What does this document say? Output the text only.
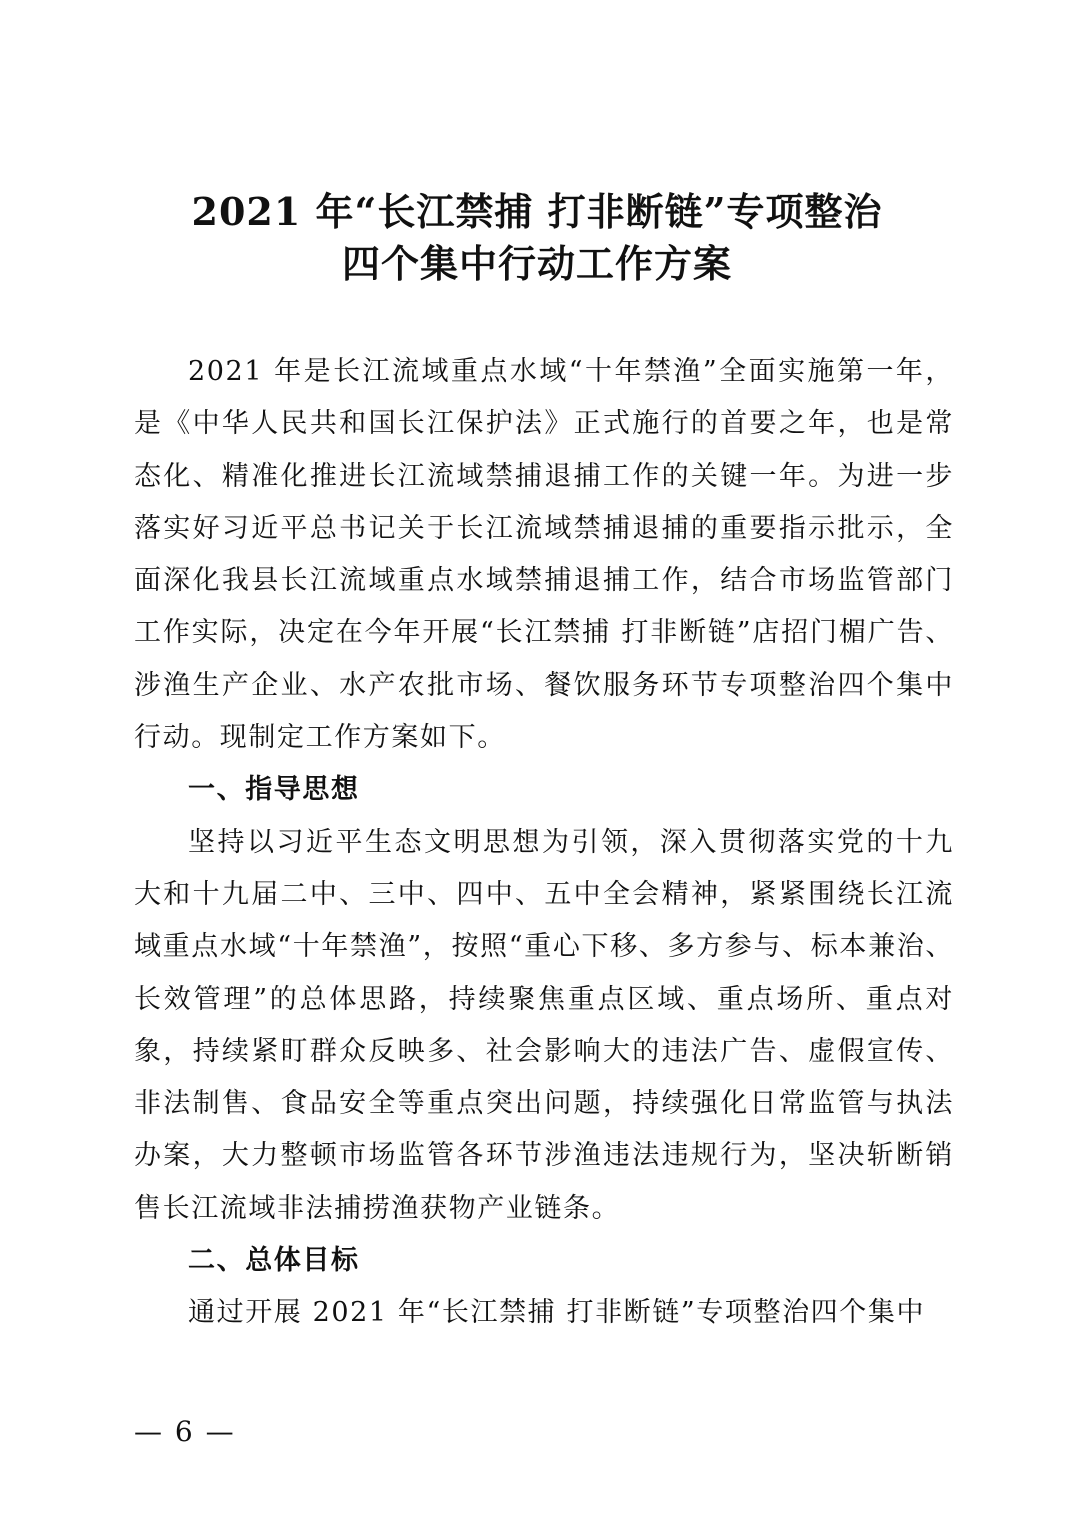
2021 年“长江禁捕 打非断链”专项整治
四个集中行动工作方案

2021 年是长江流域重点水域“十年禁渔”全面实施第一年，是《中华人民共和国长江保护法》正式施行的首要之年，也是常态化、精准化推进长江流域禁捕退捕工作的关键一年。为进一步落实好习近平总书记关于长江流域禁捕退捕的重要指示批示，全面深化我县长江流域重点水域禁捕退捕工作，结合市场监管部门工作实际，决定在今年开展“长江禁捕 打非断链”店招门楣广告、涉渔生产企业、水产农批市场、餐饮服务环节专项整治四个集中行动。现制定工作方案如下。

一、指导思想

坚持以习近平生态文明思想为引领，深入贯彻落实党的十九大和十九届二中、三中、四中、五中全会精神，紧紧围绕长江流域重点水域“十年禁渔”，按照“重心下移、多方参与、标本兼治、长效管理”的总体思路，持续聚焦重点区域、重点场所、重点对象，持续紧盯群众反映多、社会影响大的违法广告、虚假宣传、非法制售、食品安全等重点突出问题，持续强化日常监管与执法办案，大力整顿市场监管各环节涉渔违法违规行为，坚决斩断销售长江流域非法捕捞渔获物产业链条。

二、总体目标

通过开展 2021 年“长江禁捕 打非断链”专项整治四个集中

— 6 —
